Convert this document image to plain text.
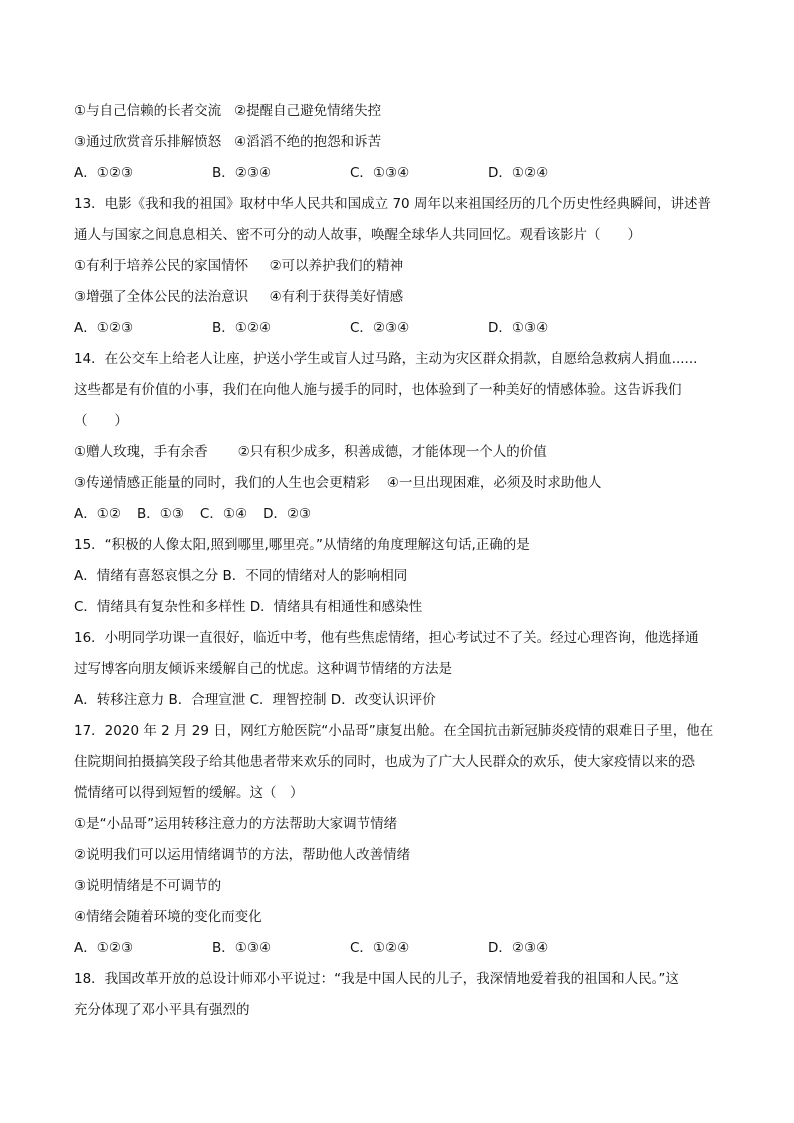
①与自己信赖的长者交流 ②提醒自己避免情绪失控
③通过欣赏音乐排解愤怒 ④滔滔不绝的抱怨和诉苦
A．①②③	B．②③④	C．①③④	D．①②④
13．电影《我和我的祖国》取材中华人民共和国成立 70 周年以来祖国经历的几个历史性经典瞬间，讲述普
通人与国家之间息息相关、密不可分的动人故事，唤醒全球华人共同回忆。观看该影片（　　）
①有利于培养公民的家国情怀 ②可以养护我们的精神
③增强了全体公民的法治意识 ④有利于获得美好情感
A．①②③	B．①②④	C．②③④	D．①③④
14．在公交车上给老人让座，护送小学生或盲人过马路，主动为灾区群众捐款，自愿给急救病人捐血......
这些都是有价值的小事，我们在向他人施与援手的同时，也体验到了一种美好的情感体验。这告诉我们
（　　）
①赠人玫瑰，手有余香 ②只有积少成多，积善成德，才能体现一个人的价值
③传递情感正能量的同时，我们的人生也会更精彩 ④一旦出现困难，必须及时求助他人
A．①② B．①③ C．①④ D．②③
15．“积极的人像太阳,照到哪里,哪里亮。”从情绪的角度理解这句话,正确的是
A．情绪有喜怒哀惧之分 B．不同的情绪对人的影响相同
C．情绪具有复杂性和多样性 D．情绪具有相通性和感染性
16．小明同学功课一直很好，临近中考，他有些焦虑情绪，担心考试过不了关。经过心理咨询，他选择通
过写博客向朋友倾诉来缓解自己的忧虑。这种调节情绪的方法是
A．转移注意力 B．合理宣泄 C．理智控制 D．改变认识评价
17．2020 年 2 月 29 日，网红方舱医院“小品哥”康复出舱。在全国抗击新冠肺炎疫情的艰难日子里，他在
住院期间拍摄搞笑段子给其他患者带来欢乐的同时，也成为了广大人民群众的欢乐，使大家疫情以来的恐
慌情绪可以得到短暂的缓解。这（　）
①是“小品哥”运用转移注意力的方法帮助大家调节情绪
②说明我们可以运用情绪调节的方法，帮助他人改善情绪
③说明情绪是不可调节的
④情绪会随着环境的变化而变化
A．①②③	B．①③④	C．①②④	D．②③④
18．我国改革开放的总设计师邓小平说过：“我是中国人民的儿子，我深情地爱着我的祖国和人民。”这
充分体现了邓小平具有强烈的
